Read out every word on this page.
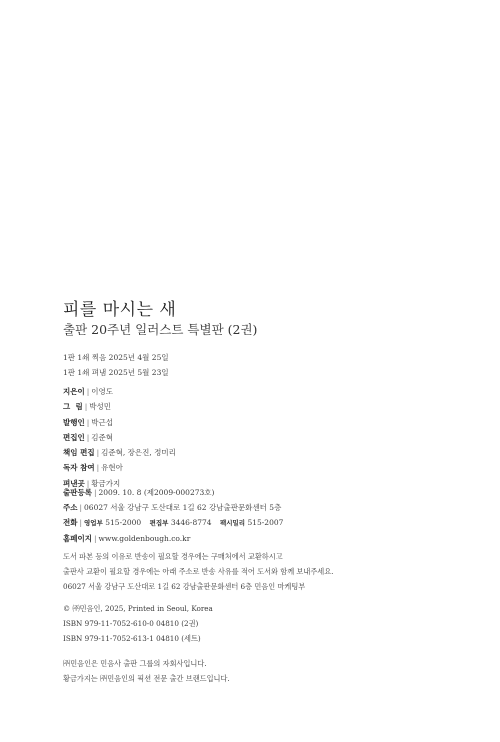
피를 마시는 새
출판 20주년 일러스트 특별판 (2권)
1판 1쇄 찍음 2025년 4월 25일
1판 1쇄 펴냄 2025년 5월 23일
지은이 | 이영도
그  림 | 박성민
발행인 | 박근섭
편집인 | 김준혁
책임 편집 | 김준혁, 장은진, 정미리
독자 참여 | 유현아
펴낸곳 | 황금가지
출판등록 | 2009. 10. 8 (제2009-000273호)
주소 | 06027 서울 강남구 도산대로 1길 62 강남출판문화센터 5층
전화 | 영업부 515-2000 편집부 3446-8774 팩시밀리 515-2007
홈페이지 | www.goldenbough.co.kr
도서 파본 등의 이유로 반송이 필요할 경우에는 구매처에서 교환하시고
출판사 교환이 필요할 경우에는 아래 주소로 반송 사유를 적어 도서와 함께 보내주세요.
06027 서울 강남구 도산대로 1길 62 강남출판문화센터 6층 민음인 마케팅부
© ㈜민음인, 2025, Printed in Seoul, Korea
ISBN 979-11-7052-610-0 04810 (2권)
ISBN 979-11-7052-613-1 04810 (세트)
㈜민음인은 민음사 출판 그룹의 자회사입니다.
황금가지는 ㈜민음인의 픽션 전문 출간 브랜드입니다.
